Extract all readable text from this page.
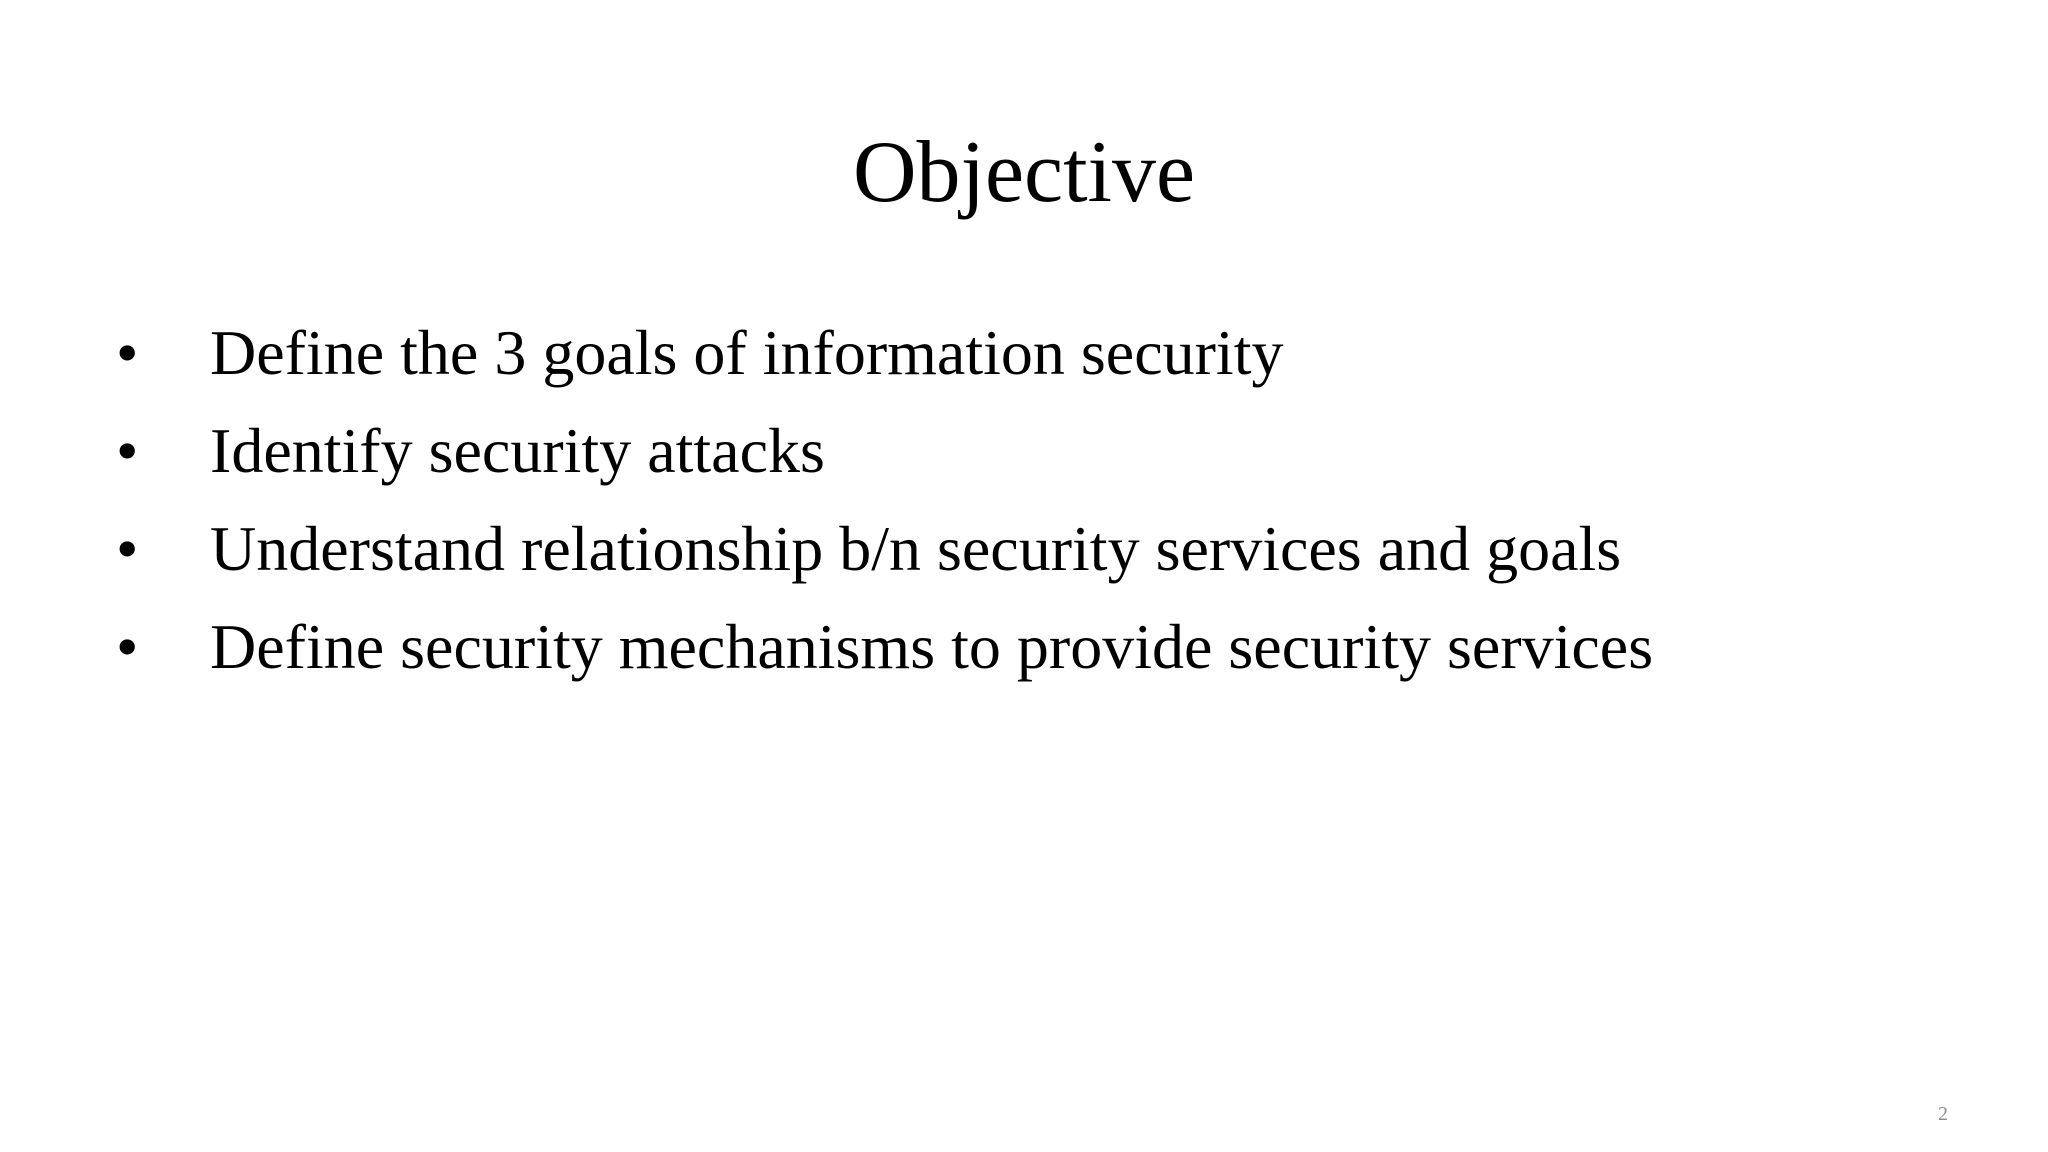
Objective
• Define the 3 goals of information security
• Identify security attacks
• Understand relationship b/n security services and goals
• Define security mechanisms to provide security services
2
